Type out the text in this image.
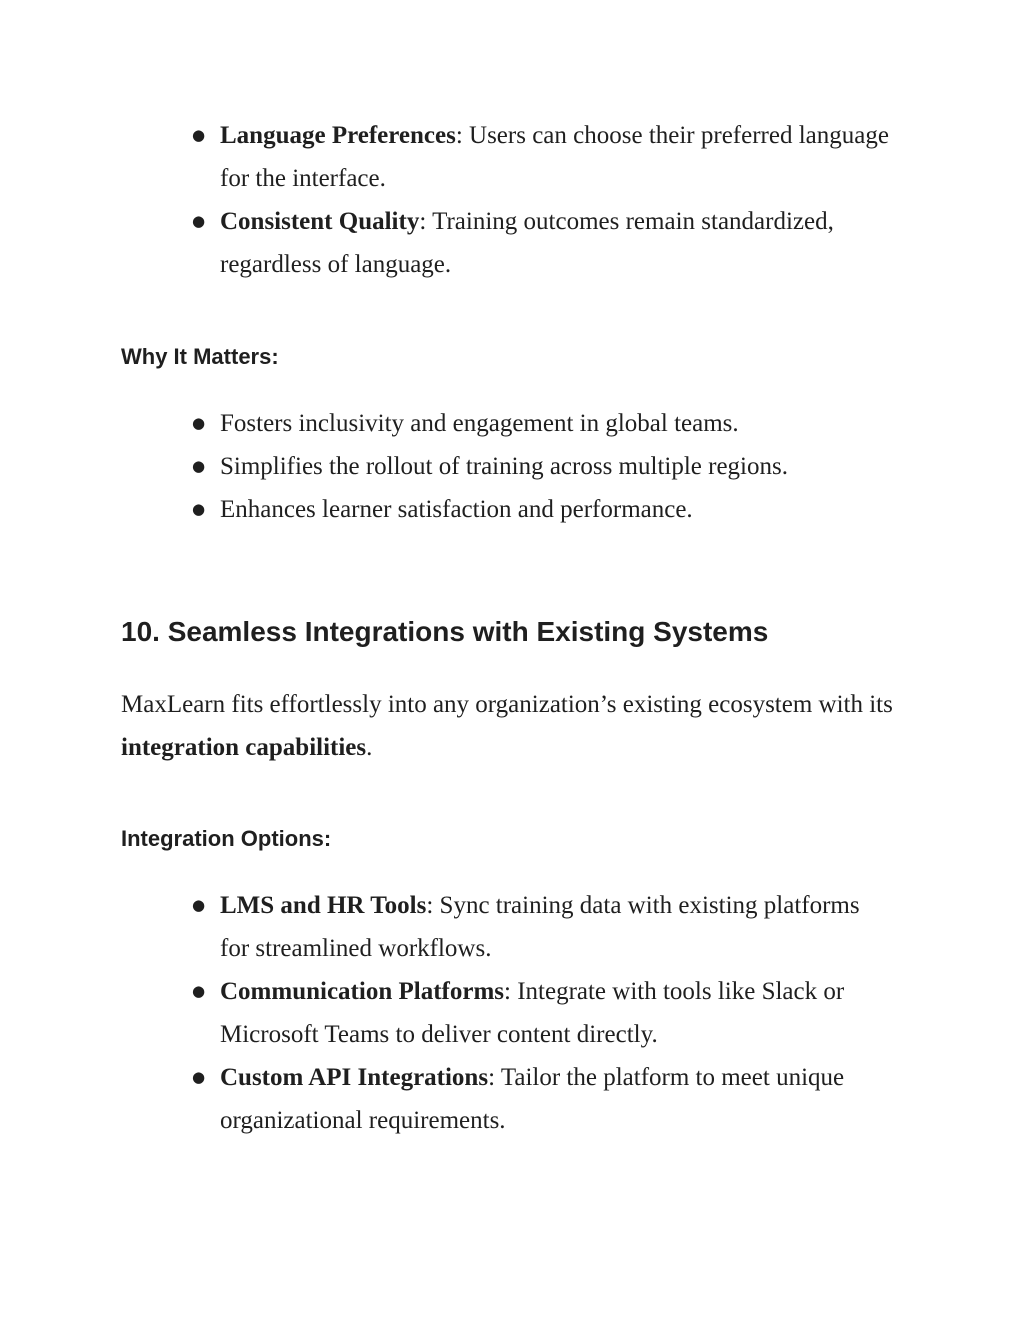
● Language Preferences: Users can choose their preferred language for the interface.
● Consistent Quality: Training outcomes remain standardized, regardless of language.
Why It Matters:
● Fosters inclusivity and engagement in global teams.
● Simplifies the rollout of training across multiple regions.
● Enhances learner satisfaction and performance.
10. Seamless Integrations with Existing Systems

MaxLearn fits effortlessly into any organization’s existing ecosystem with its integration capabilities.

Integration Options:
● LMS and HR Tools: Sync training data with existing platforms for streamlined workflows.
● Communication Platforms: Integrate with tools like Slack or Microsoft Teams to deliver content directly.
● Custom API Integrations: Tailor the platform to meet unique organizational requirements.
